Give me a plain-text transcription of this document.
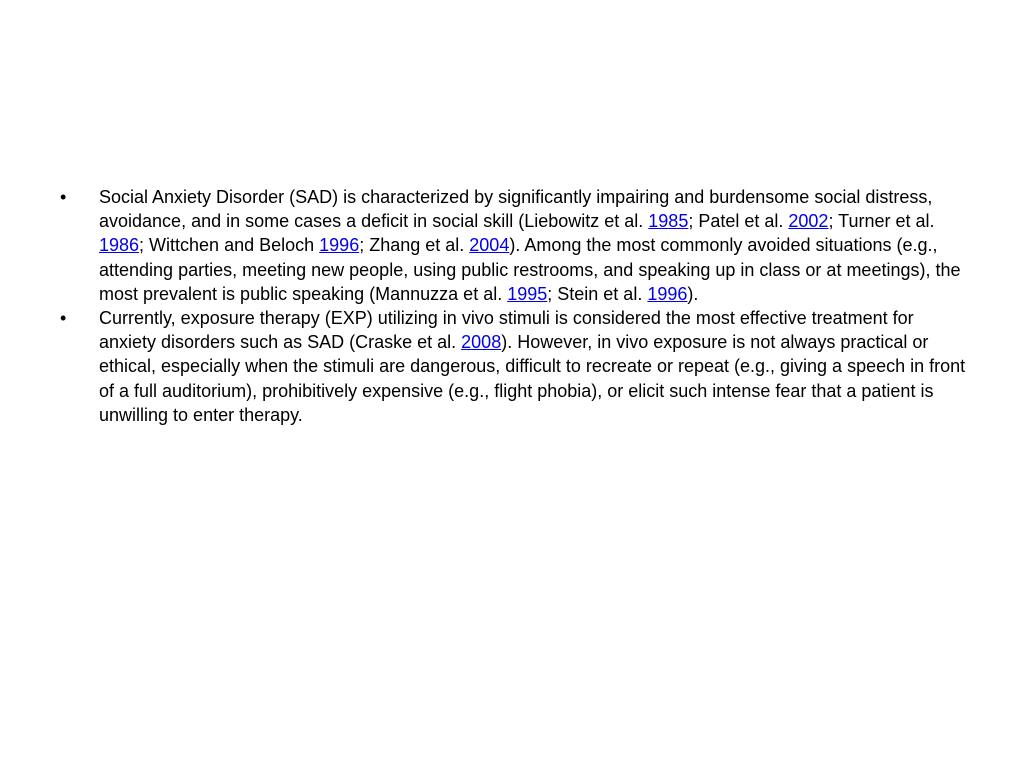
•	Social Anxiety Disorder (SAD) is characterized by significantly impairing and burdensome social distress, avoidance, and in some cases a deficit in social skill (Liebowitz et al. 1985; Patel et al. 2002; Turner et al. 1986; Wittchen and Beloch 1996; Zhang et al. 2004). Among the most commonly avoided situations (e.g., attending parties, meeting new people, using public restrooms, and speaking up in class or at meetings), the most prevalent is public speaking (Mannuzza et al. 1995; Stein et al. 1996).
•	Currently, exposure therapy (EXP) utilizing in vivo stimuli is considered the most effective treatment for anxiety disorders such as SAD (Craske et al. 2008). However, in vivo exposure is not always practical or ethical, especially when the stimuli are dangerous, difficult to recreate or repeat (e.g., giving a speech in front of a full auditorium), prohibitively expensive (e.g., flight phobia), or elicit such intense fear that a patient is unwilling to enter therapy.
